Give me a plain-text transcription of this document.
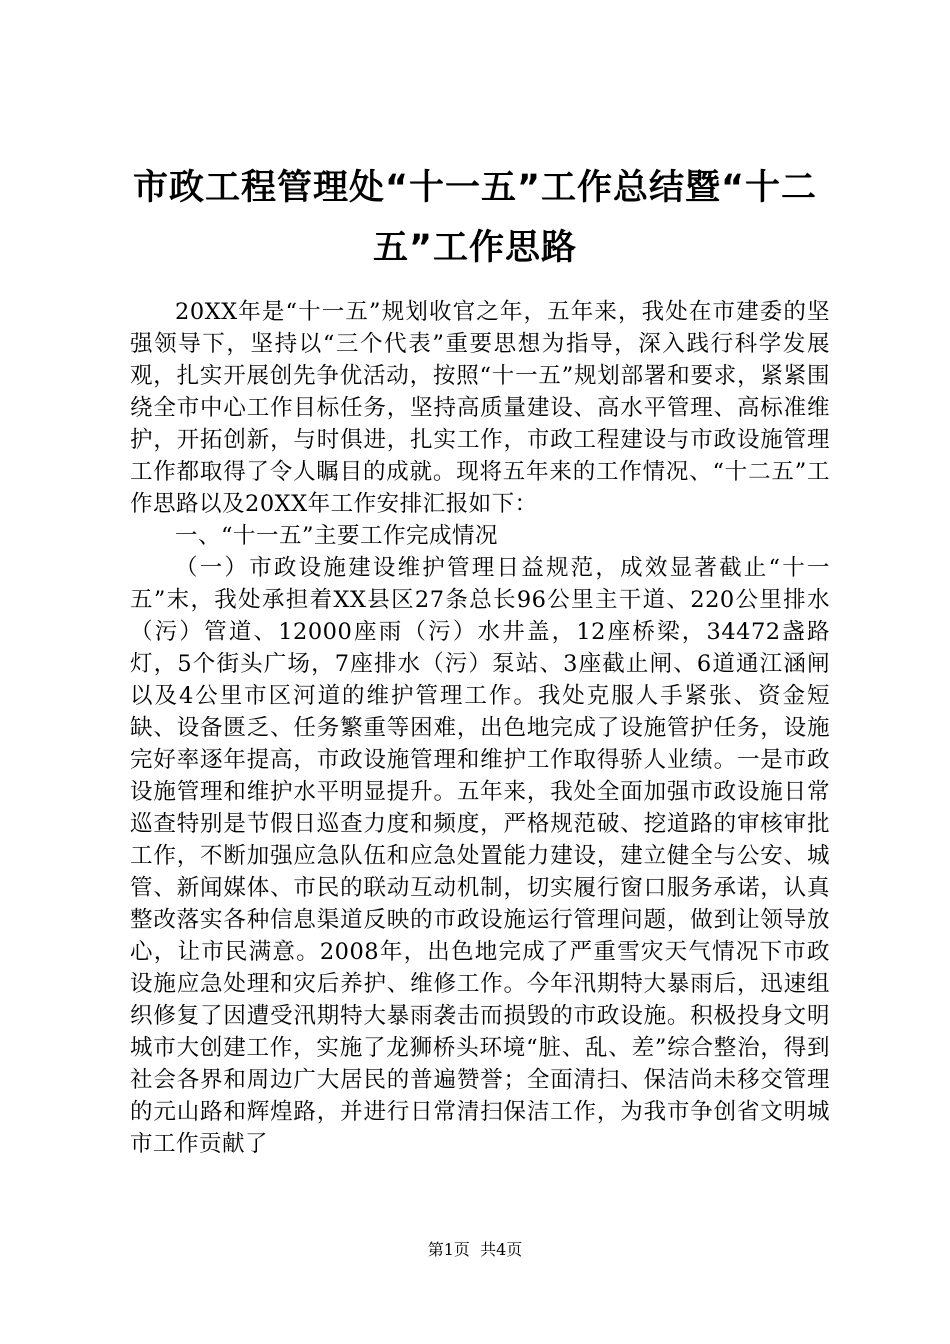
市政工程管理处“十一五”工作总结暨“十二五”工作思路

20XX年是“十一五”规划收官之年，五年来，我处在市建委的坚强领导下，坚持以“三个代表”重要思想为指导，深入践行科学发展观，扎实开展创先争优活动，按照“十一五”规划部署和要求，紧紧围绕全市中心工作目标任务，坚持高质量建设、高水平管理、高标准维护，开拓创新，与时俱进，扎实工作，市政工程建设与市政设施管理工作都取得了令人瞩目的成就。现将五年来的工作情况、“十二五”工作思路以及20XX年工作安排汇报如下：

一、“十一五”主要工作完成情况

（一）市政设施建设维护管理日益规范，成效显著截止“十一五”末，我处承担着XX县区27条总长96公里主干道、220公里排水（污）管道、12000座雨（污）水井盖，12座桥梁，34472盏路灯，5个街头广场，7座排水（污）泵站、3座截止闸、6道通江涵闸以及4公里市区河道的维护管理工作。我处克服人手紧张、资金短缺、设备匮乏、任务繁重等困难，出色地完成了设施管护任务，设施完好率逐年提高，市政设施管理和维护工作取得骄人业绩。一是市政设施管理和维护水平明显提升。五年来，我处全面加强市政设施日常巡查特别是节假日巡查力度和频度，严格规范破、挖道路的审核审批工作，不断加强应急队伍和应急处置能力建设，建立健全与公安、城管、新闻媒体、市民的联动互动机制，切实履行窗口服务承诺，认真整改落实各种信息渠道反映的市政设施运行管理问题，做到让领导放心，让市民满意。2008年，出色地完成了严重雪灾天气情况下市政设施应急处理和灾后养护、维修工作。今年汛期特大暴雨后，迅速组织修复了因遭受汛期特大暴雨袭击而损毁的市政设施。积极投身文明城市大创建工作，实施了龙狮桥头环境“脏、乱、差”综合整治，得到社会各界和周边广大居民的普遍赞誉；全面清扫、保洁尚未移交管理的元山路和辉煌路，并进行日常清扫保洁工作，为我市争创省文明城市工作贡献了

第1页 共4页
